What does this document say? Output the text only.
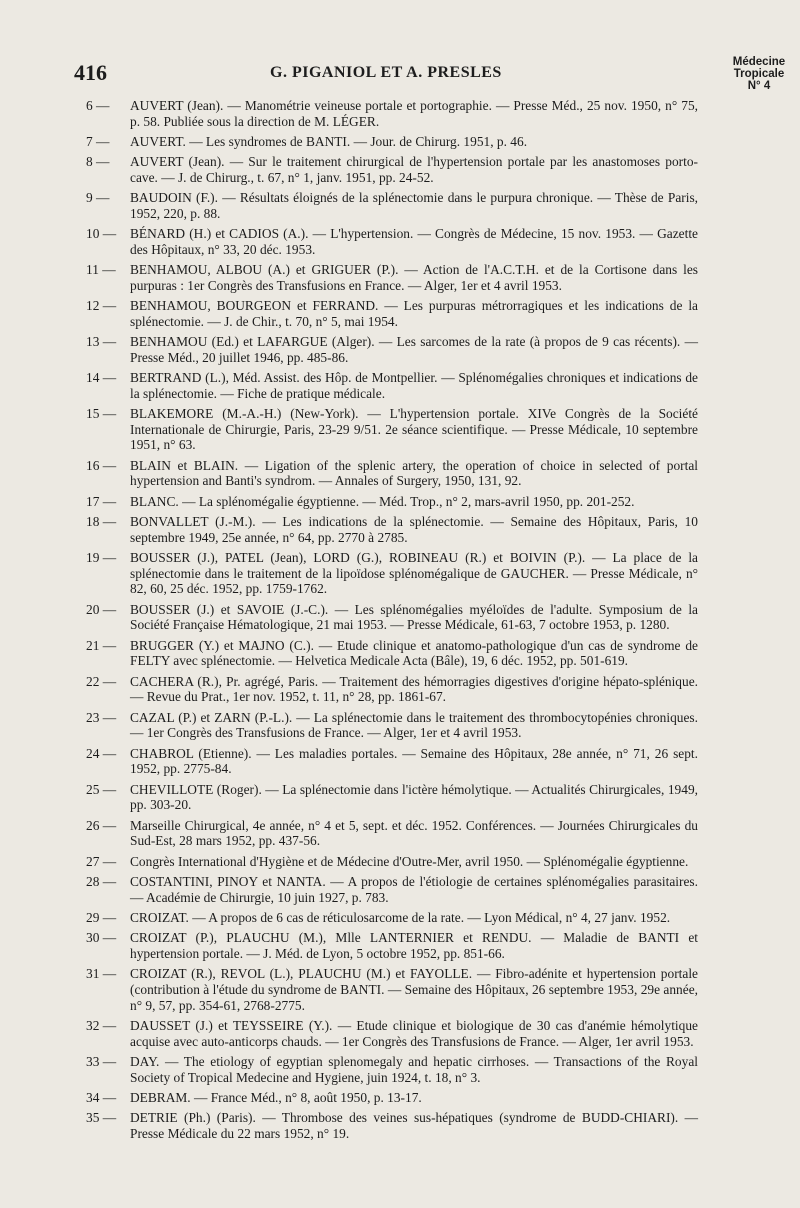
416	G. PIGANIOL ET A. PRESLES
Médecine
Tropicale
N° 4
6 —	AUVERT (Jean). — Manométrie veineuse portale et portographie. — Presse Méd., 25 nov. 1950, n° 75, p. 58. Publiée sous la direction de M. LÉGER.
7 —	AUVERT. — Les syndromes de BANTI. — Jour. de Chirurg. 1951, p. 46.
8 —	AUVERT (Jean). — Sur le traitement chirurgical de l'hypertension portale par les anastomoses porto-cave. — J. de Chirurg., t. 67, n° 1, janv. 1951, pp. 24-52.
9 —	BAUDOIN (F.). — Résultats éloignés de la splénectomie dans le purpura chronique. — Thèse de Paris, 1952, 220, p. 88.
10 —	BÉNARD (H.) et CADIOS (A.). — L'hypertension. — Congrès de Médecine, 15 nov. 1953. — Gazette des Hôpitaux, n° 33, 20 déc. 1953.
11 —	BENHAMOU, ALBOU (A.) et GRIGUER (P.). — Action de l'A.C.T.H. et de la Cortisone dans les purpuras : 1er Congrès des Transfusions en France. — Alger, 1er et 4 avril 1953.
12 —	BENHAMOU, BOURGEON et FERRAND. — Les purpuras métrorragiques et les indications de la splénectomie. — J. de Chir., t. 70, n° 5, mai 1954.
13 —	BENHAMOU (Ed.) et LAFARGUE (Alger). — Les sarcomes de la rate (à propos de 9 cas récents). — Presse Méd., 20 juillet 1946, pp. 485-86.
14 —	BERTRAND (L.), Méd. Assist. des Hôp. de Montpellier. — Splénomégalies chroniques et indications de la splénectomie. — Fiche de pratique médicale.
15 —	BLAKEMORE (M.-A.-H.) (New-York). — L'hypertension portale. XIVe Congrès de la Société Internationale de Chirurgie, Paris, 23-29 9/51. 2e séance scientifique. — Presse Médicale, 10 septembre 1951, n° 63.
16 —	BLAIN et BLAIN. — Ligation of the splenic artery, the operation of choice in selected of portal hypertension and Banti's syndrom. — Annales of Surgery, 1950, 131, 92.
17 —	BLANC. — La splénomégalie égyptienne. — Méd. Trop., n° 2, mars-avril 1950, pp. 201-252.
18 —	BONVALLET (J.-M.). — Les indications de la splénectomie. — Semaine des Hôpitaux, Paris, 10 septembre 1949, 25e année, n° 64, pp. 2770 à 2785.
19 —	BOUSSER (J.), PATEL (Jean), LORD (G.), ROBINEAU (R.) et BOIVIN (P.). — La place de la splénectomie dans le traitement de la lipoïdose splénomégalique de GAUCHER. — Presse Médicale, n° 82, 60, 25 déc. 1952, pp. 1759-1762.
20 —	BOUSSER (J.) et SAVOIE (J.-C.). — Les splénomégalies myéloïdes de l'adulte. Symposium de la Société Française Hématologique, 21 mai 1953. — Presse Médicale, 61-63, 7 octobre 1953, p. 1280.
21 —	BRUGGER (Y.) et MAJNO (C.). — Etude clinique et anatomo-pathologique d'un cas de syndrome de FELTY avec splénectomie. — Helvetica Medicale Acta (Bâle), 19, 6 déc. 1952, pp. 501-619.
22 —	CACHERA (R.), Pr. agrégé, Paris. — Traitement des hémorragies digestives d'origine hépato-splénique. — Revue du Prat., 1er nov. 1952, t. 11, n° 28, pp. 1861-67.
23 —	CAZAL (P.) et ZARN (P.-L.). — La splénectomie dans le traitement des thrombocytopénies chroniques. — 1er Congrès des Transfusions de France. — Alger, 1er et 4 avril 1953.
24 —	CHABROL (Etienne). — Les maladies portales. — Semaine des Hôpitaux, 28e année, n° 71, 26 sept. 1952, pp. 2775-84.
25 —	CHEVILLOTE (Roger). — La splénectomie dans l'ictère hémolytique. — Actualités Chirurgicales, 1949, pp. 303-20.
26 —	Marseille Chirurgical, 4e année, n° 4 et 5, sept. et déc. 1952. Conférences. — Journées Chirurgicales du Sud-Est, 28 mars 1952, pp. 437-56.
27 —	Congrès International d'Hygiène et de Médecine d'Outre-Mer, avril 1950. — Splénomégalie égyptienne.
28 —	COSTANTINI, PINOY et NANTA. — A propos de l'étiologie de certaines splénomégalies parasitaires. — Académie de Chirurgie, 10 juin 1927, p. 783.
29 —	CROIZAT. — A propos de 6 cas de réticulosarcome de la rate. — Lyon Médical, n° 4, 27 janv. 1952.
30 —	CROIZAT (P.), PLAUCHU (M.), Mlle LANTERNIER et RENDU. — Maladie de BANTI et hypertension portale. — J. Méd. de Lyon, 5 octobre 1952, pp. 851-66.
31 —	CROIZAT (R.), REVOL (L.), PLAUCHU (M.) et FAYOLLE. — Fibro-adénite et hypertension portale (contribution à l'étude du syndrome de BANTI. — Semaine des Hôpitaux, 26 septembre 1953, 29e année, n° 9, 57, pp. 354-61, 2768-2775.
32 —	DAUSSET (J.) et TEYSSEIRE (Y.). — Etude clinique et biologique de 30 cas d'anémie hémolytique acquise avec auto-anticorps chauds. — 1er Congrès des Transfusions de France. — Alger, 1er avril 1953.
33 —	DAY. — The etiology of egyptian splenomegaly and hepatic cirrhoses. — Transactions of the Royal Society of Tropical Medecine and Hygiene, juin 1924, t. 18, n° 3.
34 —	DEBRAM. — France Méd., n° 8, août 1950, p. 13-17.
35 —	DETRIE (Ph.) (Paris). — Thrombose des veines sus-hépatiques (syndrome de BUDD-CHIARI). — Presse Médicale du 22 mars 1952, n° 19.
